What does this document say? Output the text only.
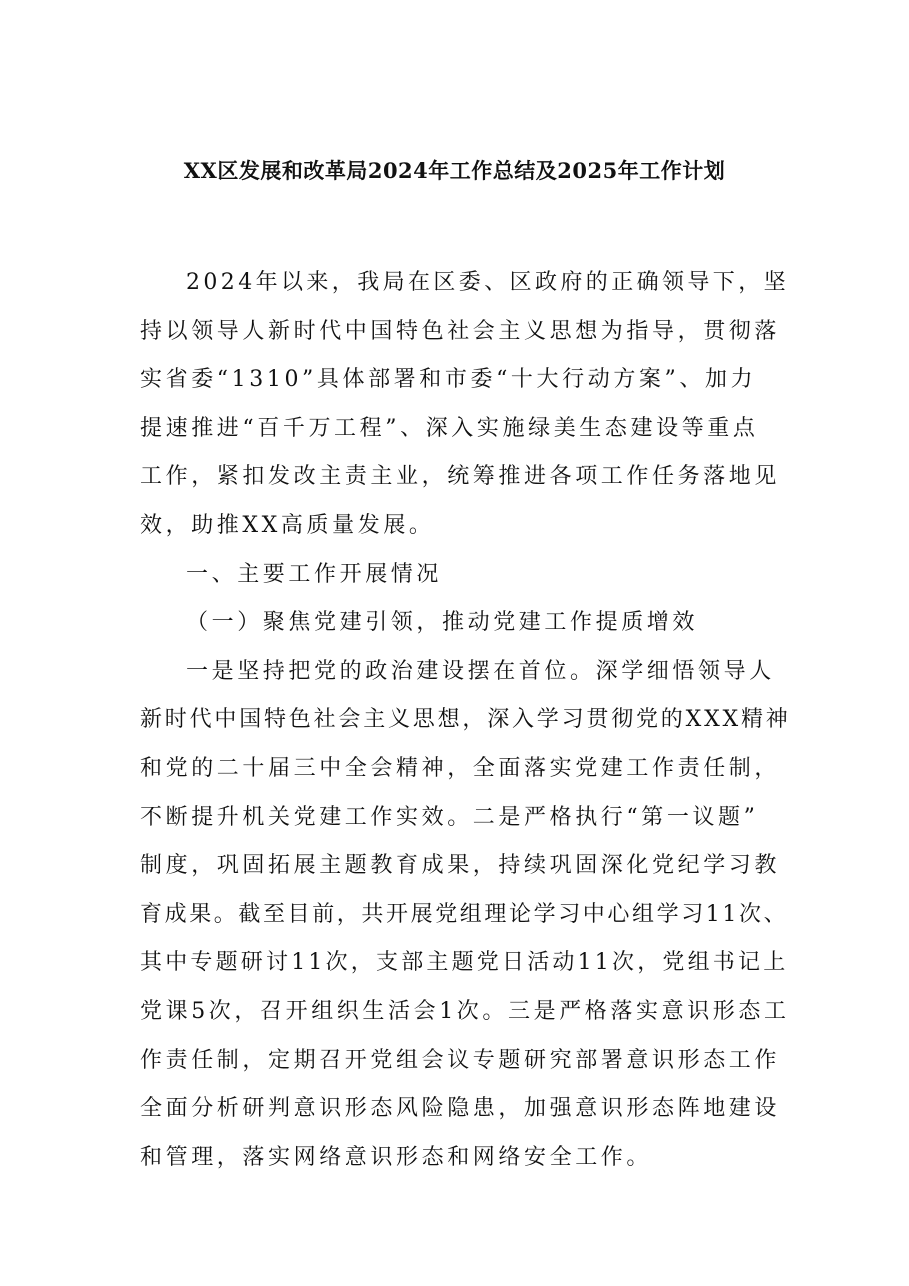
XX区发展和改革局2024年工作总结及2025年工作计划
2024年以来，我局在区委、区政府的正确领导下，坚
持以领导人新时代中国特色社会主义思想为指导，贯彻落
实省委“1310”具体部署和市委“十大行动方案”、加力
提速推进“百千万工程”、深入实施绿美生态建设等重点
工作，紧扣发改主责主业，统筹推进各项工作任务落地见
效，助推XX高质量发展。
一、主要工作开展情况
（一）聚焦党建引领，推动党建工作提质增效
一是坚持把党的政治建设摆在首位。深学细悟领导人
新时代中国特色社会主义思想，深入学习贯彻党的XXX精神
和党的二十届三中全会精神，全面落实党建工作责任制，
不断提升机关党建工作实效。二是严格执行“第一议题”
制度，巩固拓展主题教育成果，持续巩固深化党纪学习教
育成果。截至目前，共开展党组理论学习中心组学习11次、
其中专题研讨11次，支部主题党日活动11次，党组书记上
党课5次，召开组织生活会1次。三是严格落实意识形态工
作责任制，定期召开党组会议专题研究部署意识形态工作
全面分析研判意识形态风险隐患，加强意识形态阵地建设
和管理，落实网络意识形态和网络安全工作。
